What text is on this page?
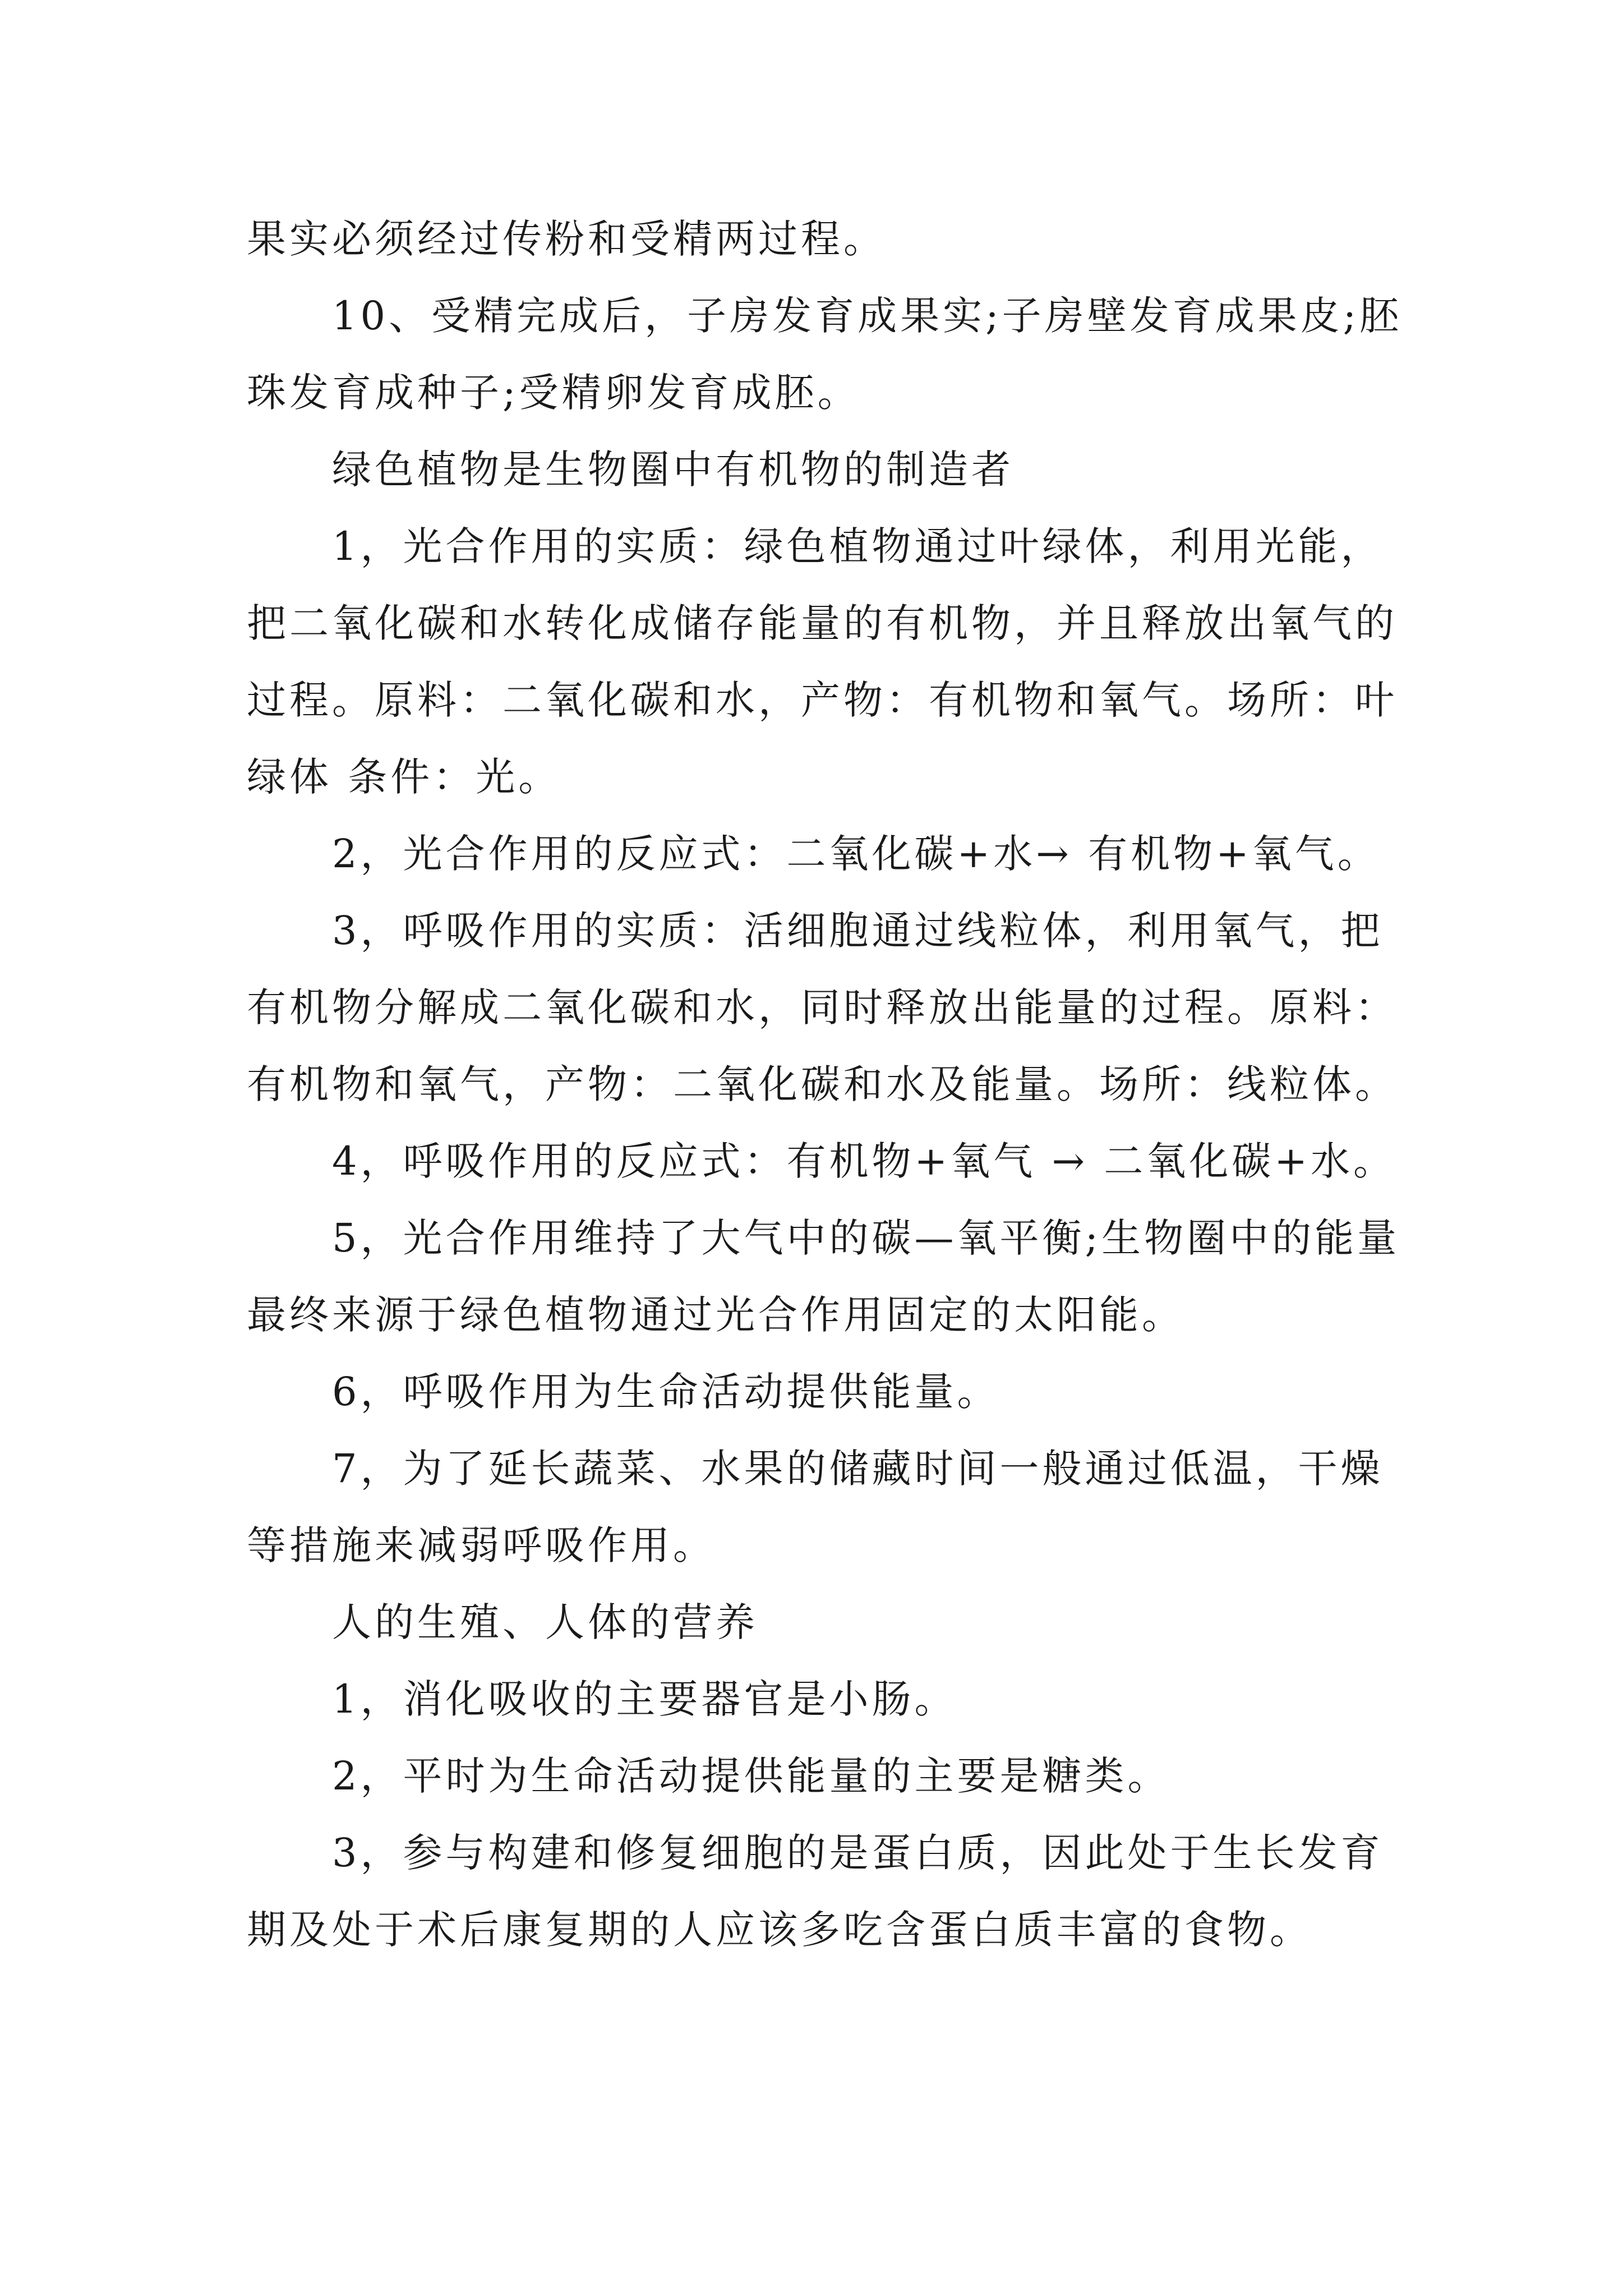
果实必须经过传粉和受精两过程。

10、受精完成后，子房发育成果实;子房壁发育成果皮;胚珠发育成种子;受精卵发育成胚。

绿色植物是生物圈中有机物的制造者

1，光合作用的实质：绿色植物通过叶绿体，利用光能，把二氧化碳和水转化成储存能量的有机物，并且释放出氧气的过程。原料：二氧化碳和水，产物：有机物和氧气。场所：叶绿体 条件：光。

2，光合作用的反应式：二氧化碳+水→ 有机物+氧气。

3，呼吸作用的实质：活细胞通过线粒体，利用氧气，把有机物分解成二氧化碳和水，同时释放出能量的过程。原料：有机物和氧气，产物：二氧化碳和水及能量。场所：线粒体。

4，呼吸作用的反应式：有机物+氧气 → 二氧化碳+水。

5，光合作用维持了大气中的碳—氧平衡;生物圈中的能量最终来源于绿色植物通过光合作用固定的太阳能。

6，呼吸作用为生命活动提供能量。

7，为了延长蔬菜、水果的储藏时间一般通过低温，干燥等措施来减弱呼吸作用。

人的生殖、人体的营养

1，消化吸收的主要器官是小肠。

2，平时为生命活动提供能量的主要是糖类。

3，参与构建和修复细胞的是蛋白质，因此处于生长发育期及处于术后康复期的人应该多吃含蛋白质丰富的食物。
